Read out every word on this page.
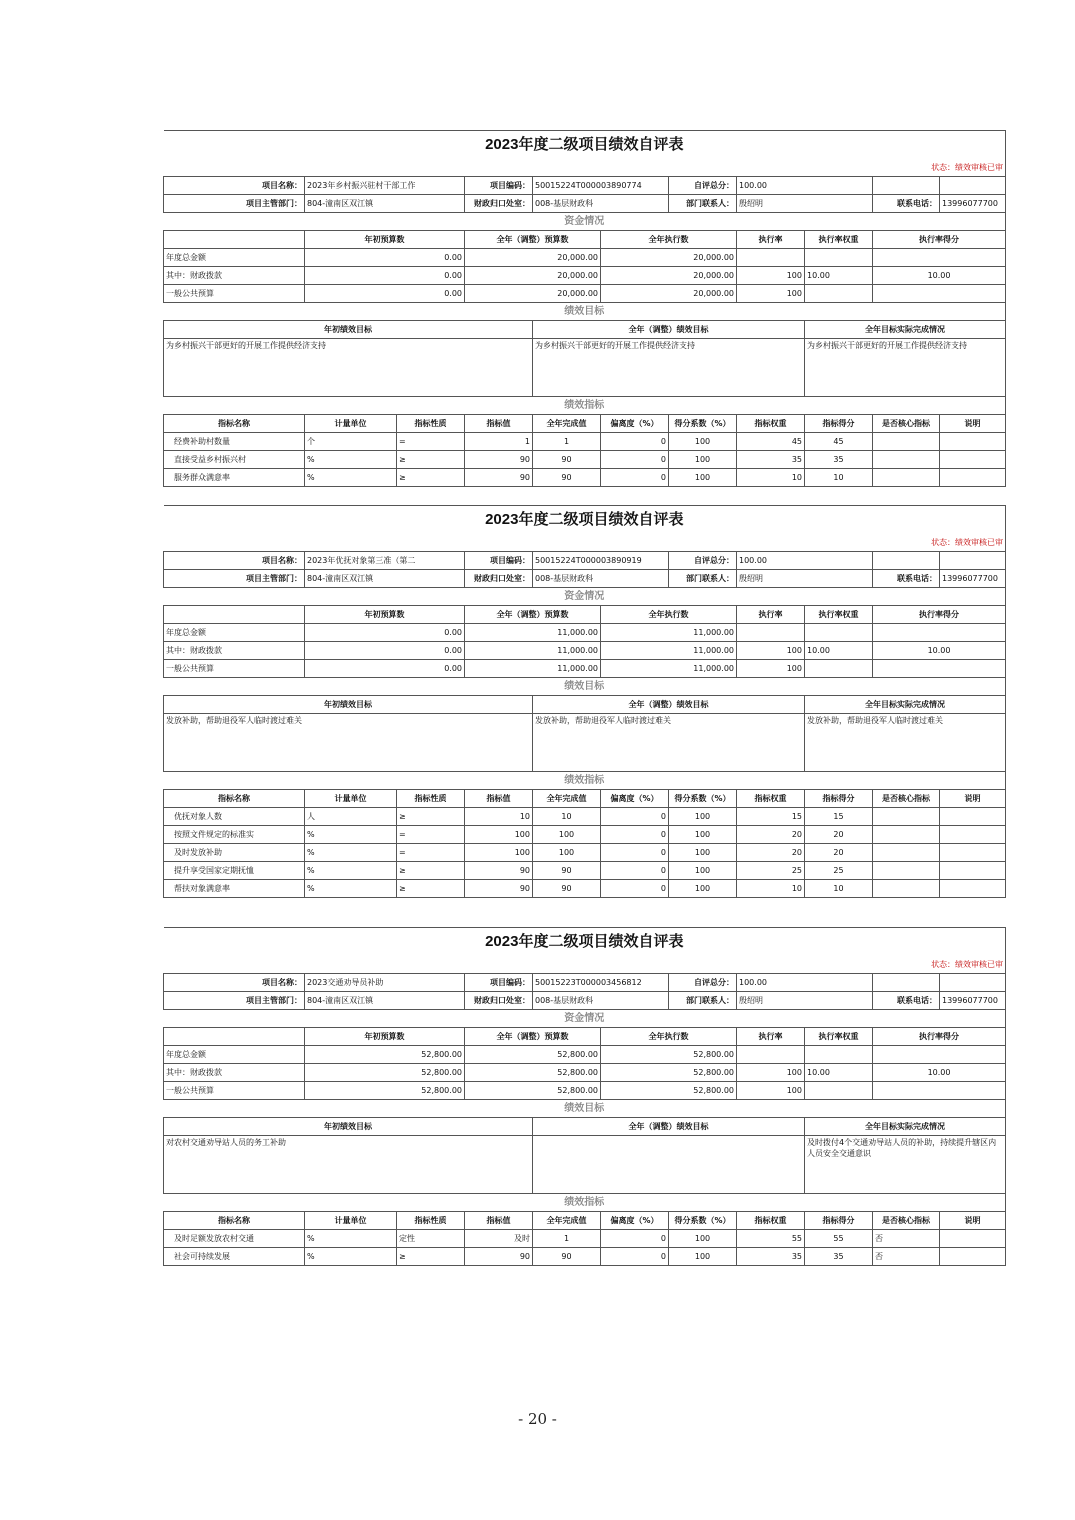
2023年度二级项目绩效自评表										
状态：绩效审核已审										
项目名称：	2023年乡村振兴驻村干部工作		项目编码：	50015224T000003890774		自评总分：	100.00			
项目主管部门：	804-潼南区双江镇		财政归口处室：	008-基层财政科		部门联系人：	殷绍明		联系电话：	13996077700
资金情况										
	年初预算数		全年（调整）预算数		全年执行数		执行率	执行率权重	执行率得分	
年度总金额	0.00		20,000.00		20,000.00					
其中：财政拨款	0.00		20,000.00		20,000.00		100	10.00	10.00	
一般公共预算	0.00		20,000.00		20,000.00		100			
绩效目标										
年初绩效目标				全年（调整）绩效目标				全年目标实际完成情况		
为乡村振兴干部更好的开展工作提供经济支持				为乡村振兴干部更好的开展工作提供经济支持				为乡村振兴干部更好的开展工作提供经济支持		
绩效指标										
指标名称	计量单位	指标性质	指标值	全年完成值	偏离度（%）	得分系数（%）	指标权重	指标得分	是否核心指标	说明
经费补助村数量	个	=	1	1	0	100	45	45		
直接受益乡村振兴村	%	≥	90	90	0	100	35	35		
服务群众满意率	%	≥	90	90	0	100	10	10		
2023年度二级项目绩效自评表										
状态：绩效审核已审										
项目名称：	2023年优抚对象第三准（第二		项目编码：	50015224T000003890919		自评总分：	100.00			
项目主管部门：	804-潼南区双江镇		财政归口处室：	008-基层财政科		部门联系人：	殷绍明		联系电话：	13996077700
资金情况										
	年初预算数		全年（调整）预算数		全年执行数		执行率	执行率权重	执行率得分	
年度总金额	0.00		11,000.00		11,000.00					
其中：财政拨款	0.00		11,000.00		11,000.00		100	10.00	10.00	
一般公共预算	0.00		11,000.00		11,000.00		100			
绩效目标										
年初绩效目标				全年（调整）绩效目标				全年目标实际完成情况		
发放补助，帮助退役军人临时渡过难关				发放补助，帮助退役军人临时渡过难关				发放补助，帮助退役军人临时渡过难关		
绩效指标										
指标名称	计量单位	指标性质	指标值	全年完成值	偏离度（%）	得分系数（%）	指标权重	指标得分	是否核心指标	说明
优抚对象人数	人	≥	10	10	0	100	15	15		
按照文件规定的标准实	%	=	100	100	0	100	20	20		
及时发放补助	%	=	100	100	0	100	20	20		
提升享受国家定期抚恤	%	≥	90	90	0	100	25	25		
帮扶对象满意率	%	≥	90	90	0	100	10	10		
2023年度二级项目绩效自评表										
状态：绩效审核已审										
项目名称：	2023交通劝导员补助		项目编码：	50015223T000003456812		自评总分：	100.00			
项目主管部门：	804-潼南区双江镇		财政归口处室：	008-基层财政科		部门联系人：	殷绍明		联系电话：	13996077700
资金情况										
	年初预算数		全年（调整）预算数		全年执行数		执行率	执行率权重	执行率得分	
年度总金额	52,800.00		52,800.00		52,800.00					
其中：财政拨款	52,800.00		52,800.00		52,800.00		100	10.00	10.00	
一般公共预算	52,800.00		52,800.00		52,800.00		100			
绩效目标										
年初绩效目标				全年（调整）绩效目标				全年目标实际完成情况		
对农村交通劝导站人员的务工补助								及时拨付4个交通劝导站人员的补助，持续提升辖区内人员安全交通意识		
绩效指标										
指标名称	计量单位	指标性质	指标值	全年完成值	偏离度（%）	得分系数（%）	指标权重	指标得分	是否核心指标	说明
及时足额发放农村交通	%	定性	及时	1	0	100	55	55	否	
社会可持续发展	%	≥	90	90	0	100	35	35	否	
- 20 -
